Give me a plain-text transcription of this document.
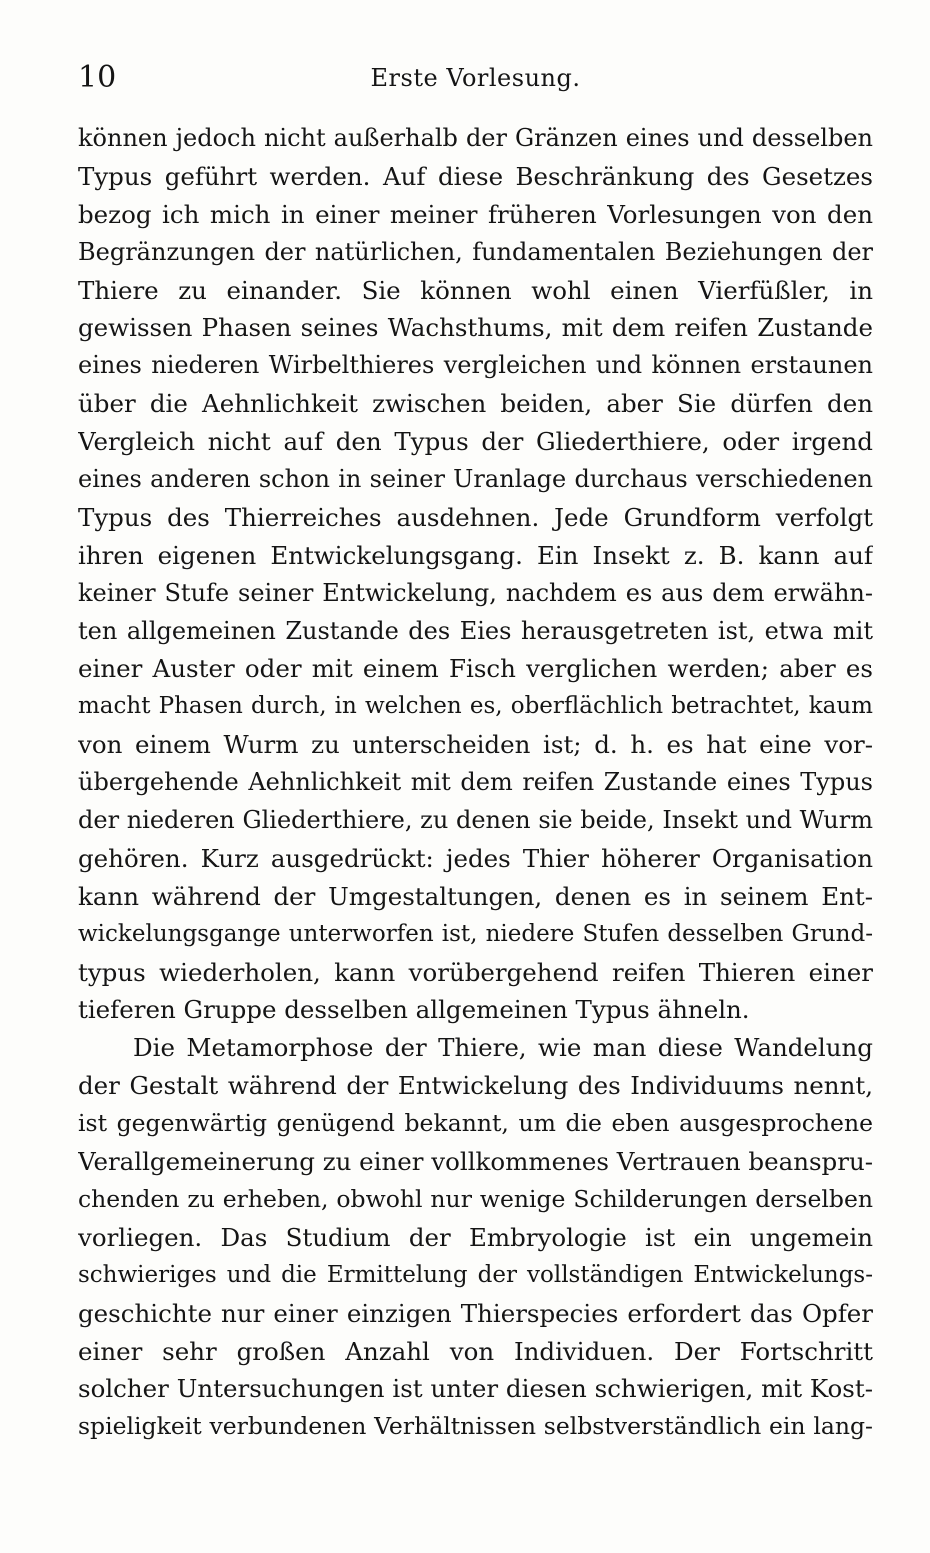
10	Erste Vorlesung.
können jedoch nicht außerhalb der Gränzen eines und desselben
Typus geführt werden. Auf diese Beschränkung des Gesetzes
bezog ich mich in einer meiner früheren Vorlesungen von den
Begränzungen der natürlichen, fundamentalen Beziehungen der
Thiere zu einander. Sie können wohl einen Vierfüßler, in
gewissen Phasen seines Wachsthums, mit dem reifen Zustande
eines niederen Wirbelthieres vergleichen und können erstaunen
über die Aehnlichkeit zwischen beiden, aber Sie dürfen den
Vergleich nicht auf den Typus der Gliederthiere, oder irgend
eines anderen schon in seiner Uranlage durchaus verschiedenen
Typus des Thierreiches ausdehnen. Jede Grundform verfolgt
ihren eigenen Entwickelungsgang. Ein Insekt z. B. kann auf
keiner Stufe seiner Entwickelung, nachdem es aus dem erwähn-
ten allgemeinen Zustande des Eies herausgetreten ist, etwa mit
einer Auster oder mit einem Fisch verglichen werden; aber es
macht Phasen durch, in welchen es, oberflächlich betrachtet, kaum
von einem Wurm zu unterscheiden ist; d. h. es hat eine vor-
übergehende Aehnlichkeit mit dem reifen Zustande eines Typus
der niederen Gliederthiere, zu denen sie beide, Insekt und Wurm
gehören. Kurz ausgedrückt: jedes Thier höherer Organisation
kann während der Umgestaltungen, denen es in seinem Ent-
wickelungsgange unterworfen ist, niedere Stufen desselben Grund-
typus wiederholen, kann vorübergehend reifen Thieren einer
tieferen Gruppe desselben allgemeinen Typus ähneln.
Die Metamorphose der Thiere, wie man diese Wandelung
der Gestalt während der Entwickelung des Individuums nennt,
ist gegenwärtig genügend bekannt, um die eben ausgesprochene
Verallgemeinerung zu einer vollkommenes Vertrauen beanspru-
chenden zu erheben, obwohl nur wenige Schilderungen derselben
vorliegen. Das Studium der Embryologie ist ein ungemein
schwieriges und die Ermittelung der vollständigen Entwickelungs-
geschichte nur einer einzigen Thierspecies erfordert das Opfer
einer sehr großen Anzahl von Individuen. Der Fortschritt
solcher Untersuchungen ist unter diesen schwierigen, mit Kost-
spieligkeit verbundenen Verhältnissen selbstverständlich ein lang-
